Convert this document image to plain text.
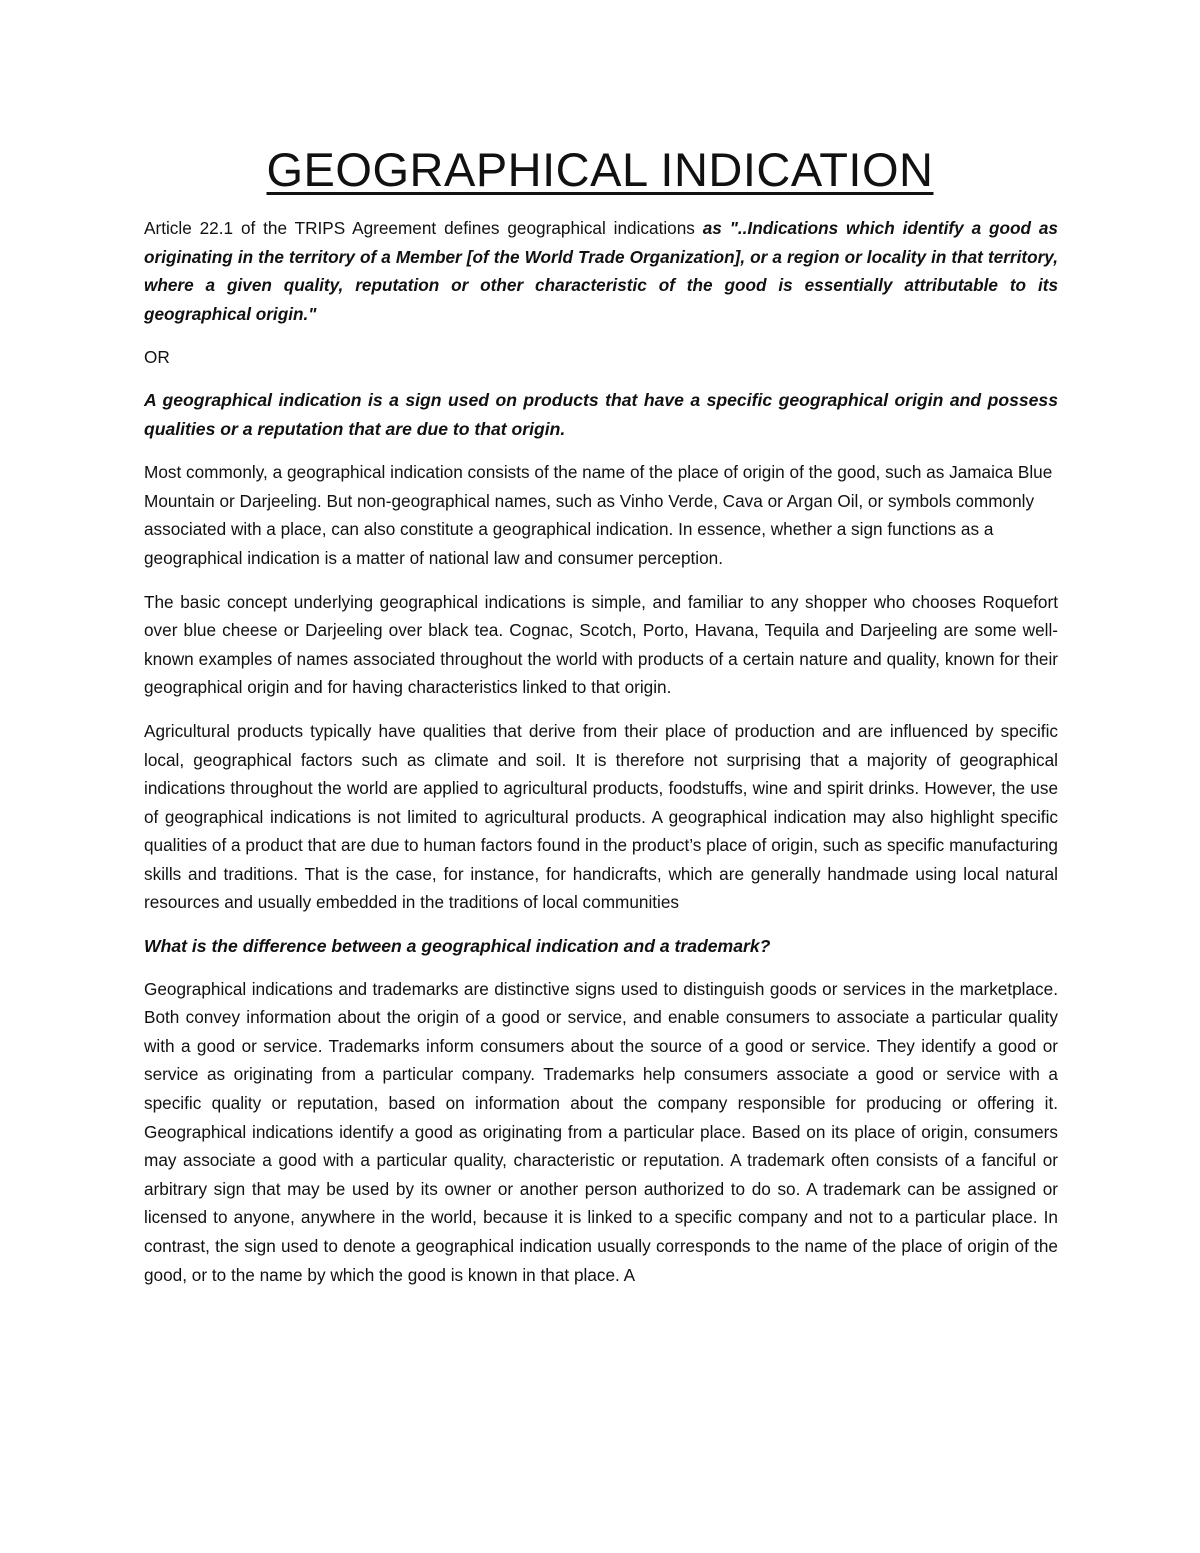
GEOGRAPHICAL INDICATION

Article 22.1 of the TRIPS Agreement defines geographical indications as "..Indications which identify a good as originating in the territory of a Member [of the World Trade Organization], or a region or locality in that territory, where a given quality, reputation or other characteristic of the good is essentially attributable to its geographical origin."

OR

A geographical indication is a sign used on products that have a specific geographical origin and possess qualities or a reputation that are due to that origin.

Most commonly, a geographical indication consists of the name of the place of origin of the good, such as Jamaica Blue Mountain or Darjeeling. But non-geographical names, such as Vinho Verde, Cava or Argan Oil, or symbols commonly associated with a place, can also constitute a geographical indication. In essence, whether a sign functions as a geographical indication is a matter of national law and consumer perception.

The basic concept underlying geographical indications is simple, and familiar to any shopper who chooses Roquefort over blue cheese or Darjeeling over black tea. Cognac, Scotch, Porto, Havana, Tequila and Darjeeling are some well-known examples of names associated throughout the world with products of a certain nature and quality, known for their geographical origin and for having characteristics linked to that origin.

Agricultural products typically have qualities that derive from their place of production and are influenced by specific local, geographical factors such as climate and soil. It is therefore not surprising that a majority of geographical indications throughout the world are applied to agricultural products, foodstuffs, wine and spirit drinks. However, the use of geographical indications is not limited to agricultural products. A geographical indication may also highlight specific qualities of a product that are due to human factors found in the product’s place of origin, such as specific manufacturing skills and traditions. That is the case, for instance, for handicrafts, which are generally handmade using local natural resources and usually embedded in the traditions of local communities

What is the difference between a geographical indication and a trademark?

Geographical indications and trademarks are distinctive signs used to distinguish goods or services in the marketplace. Both convey information about the origin of a good or service, and enable consumers to associate a particular quality with a good or service. Trademarks inform consumers about the source of a good or service. They identify a good or service as originating from a particular company. Trademarks help consumers associate a good or service with a specific quality or reputation, based on information about the company responsible for producing or offering it. Geographical indications identify a good as originating from a particular place. Based on its place of origin, consumers may associate a good with a particular quality, characteristic or reputation. A trademark often consists of a fanciful or arbitrary sign that may be used by its owner or another person authorized to do so. A trademark can be assigned or licensed to anyone, anywhere in the world, because it is linked to a specific company and not to a particular place. In contrast, the sign used to denote a geographical indication usually corresponds to the name of the place of origin of the good, or to the name by which the good is known in that place. A
